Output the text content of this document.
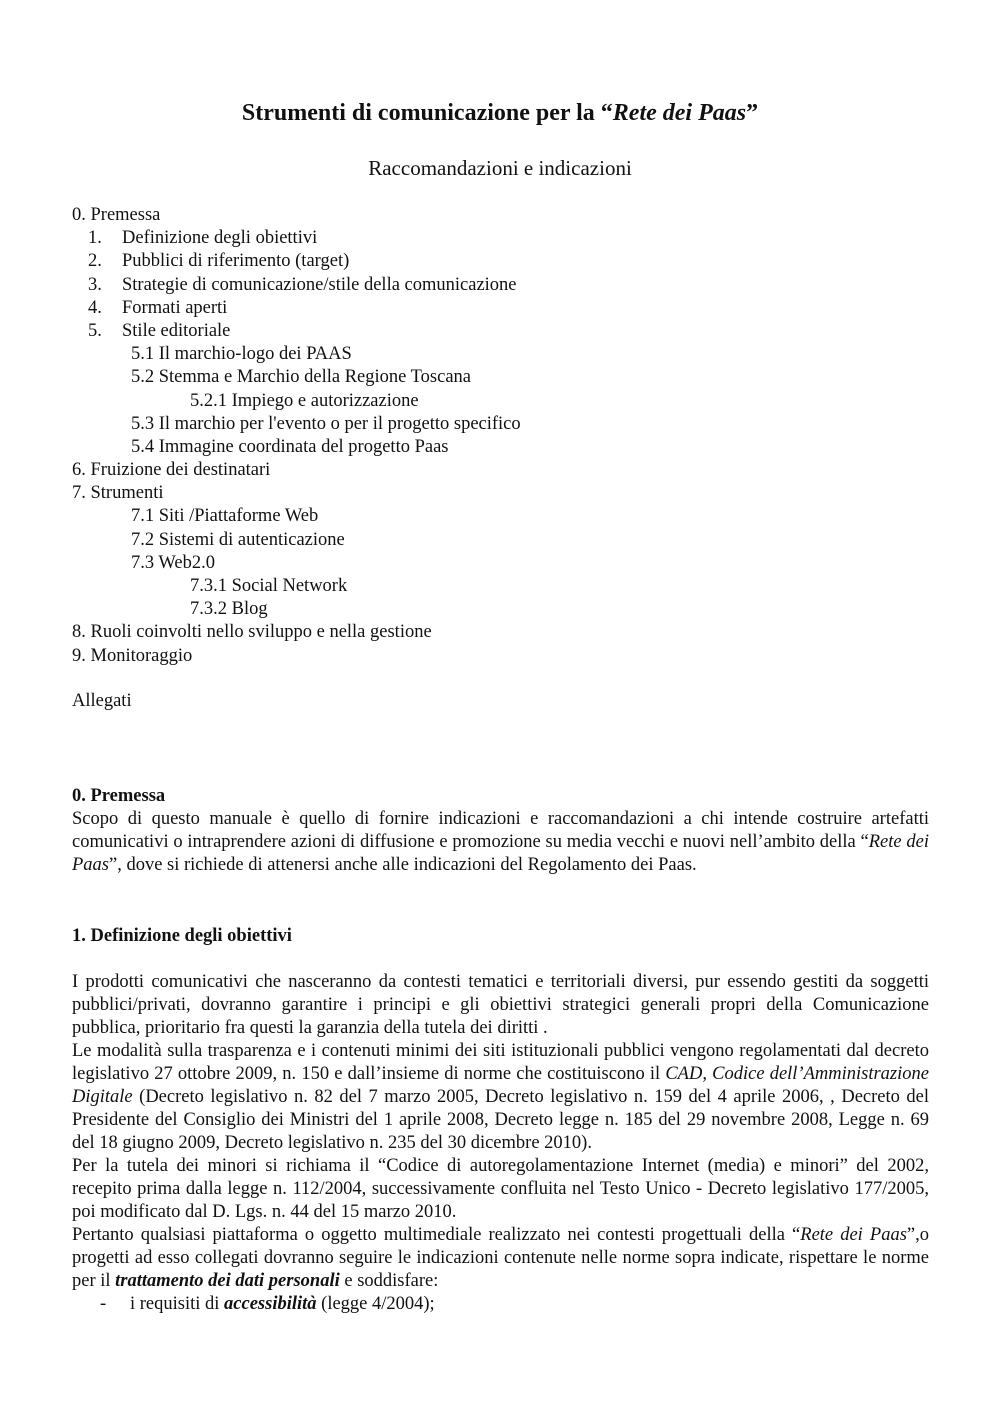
Strumenti di comunicazione per la “Rete dei Paas”
Raccomandazioni e indicazioni
0. Premessa
1. Definizione degli obiettivi
2. Pubblici di riferimento (target)
3. Strategie di comunicazione/stile della comunicazione
4. Formati aperti
5. Stile editoriale
5.1 Il marchio-logo dei PAAS
5.2 Stemma e Marchio della Regione Toscana
5.2.1 Impiego e autorizzazione
5.3 Il marchio per l'evento o per il progetto specifico
5.4 Immagine coordinata del progetto Paas
6. Fruizione dei destinatari
7. Strumenti
7.1 Siti /Piattaforme Web
7.2 Sistemi di autenticazione
7.3 Web2.0
7.3.1 Social Network
7.3.2 Blog
8. Ruoli coinvolti nello sviluppo e nella gestione
9. Monitoraggio
Allegati
0. Premessa

Scopo di questo manuale è quello di fornire indicazioni e raccomandazioni a chi intende costruire artefatti comunicativi o intraprendere azioni di diffusione e promozione su media vecchi e nuovi nell’ambito della “Rete dei Paas”, dove si richiede di attenersi anche alle indicazioni del Regolamento dei Paas.

1. Definizione degli obiettivi

I prodotti comunicativi che nasceranno da contesti tematici e territoriali diversi, pur essendo gestiti da soggetti pubblici/privati, dovranno garantire i principi e gli obiettivi strategici generali propri della Comunicazione pubblica, prioritario fra questi la garanzia della tutela dei diritti .

Le modalità sulla trasparenza e i contenuti minimi dei siti istituzionali pubblici vengono regolamentati dal decreto legislativo 27 ottobre 2009, n. 150 e dall’insieme di norme che costituiscono il CAD, Codice dell’Amministrazione Digitale (Decreto legislativo n. 82 del 7 marzo 2005, Decreto legislativo n. 159 del 4 aprile 2006, , Decreto del Presidente del Consiglio dei Ministri del 1 aprile 2008, Decreto legge n. 185 del 29 novembre 2008, Legge n. 69 del 18 giugno 2009, Decreto legislativo n. 235 del 30 dicembre 2010).

Per la tutela dei minori si richiama il “Codice di autoregolamentazione Internet (media) e minori” del 2002, recepito prima dalla legge n. 112/2004, successivamente confluita nel Testo Unico - Decreto legislativo 177/2005, poi modificato dal D. Lgs. n. 44 del 15 marzo 2010.

Pertanto qualsiasi piattaforma o oggetto multimediale realizzato nei contesti progettuali della “Rete dei Paas”,o progetti ad esso collegati dovranno seguire le indicazioni contenute nelle norme sopra indicate, rispettare le norme per il trattamento dei dati personali e soddisfare:

- i requisiti di accessibilità (legge 4/2004);
